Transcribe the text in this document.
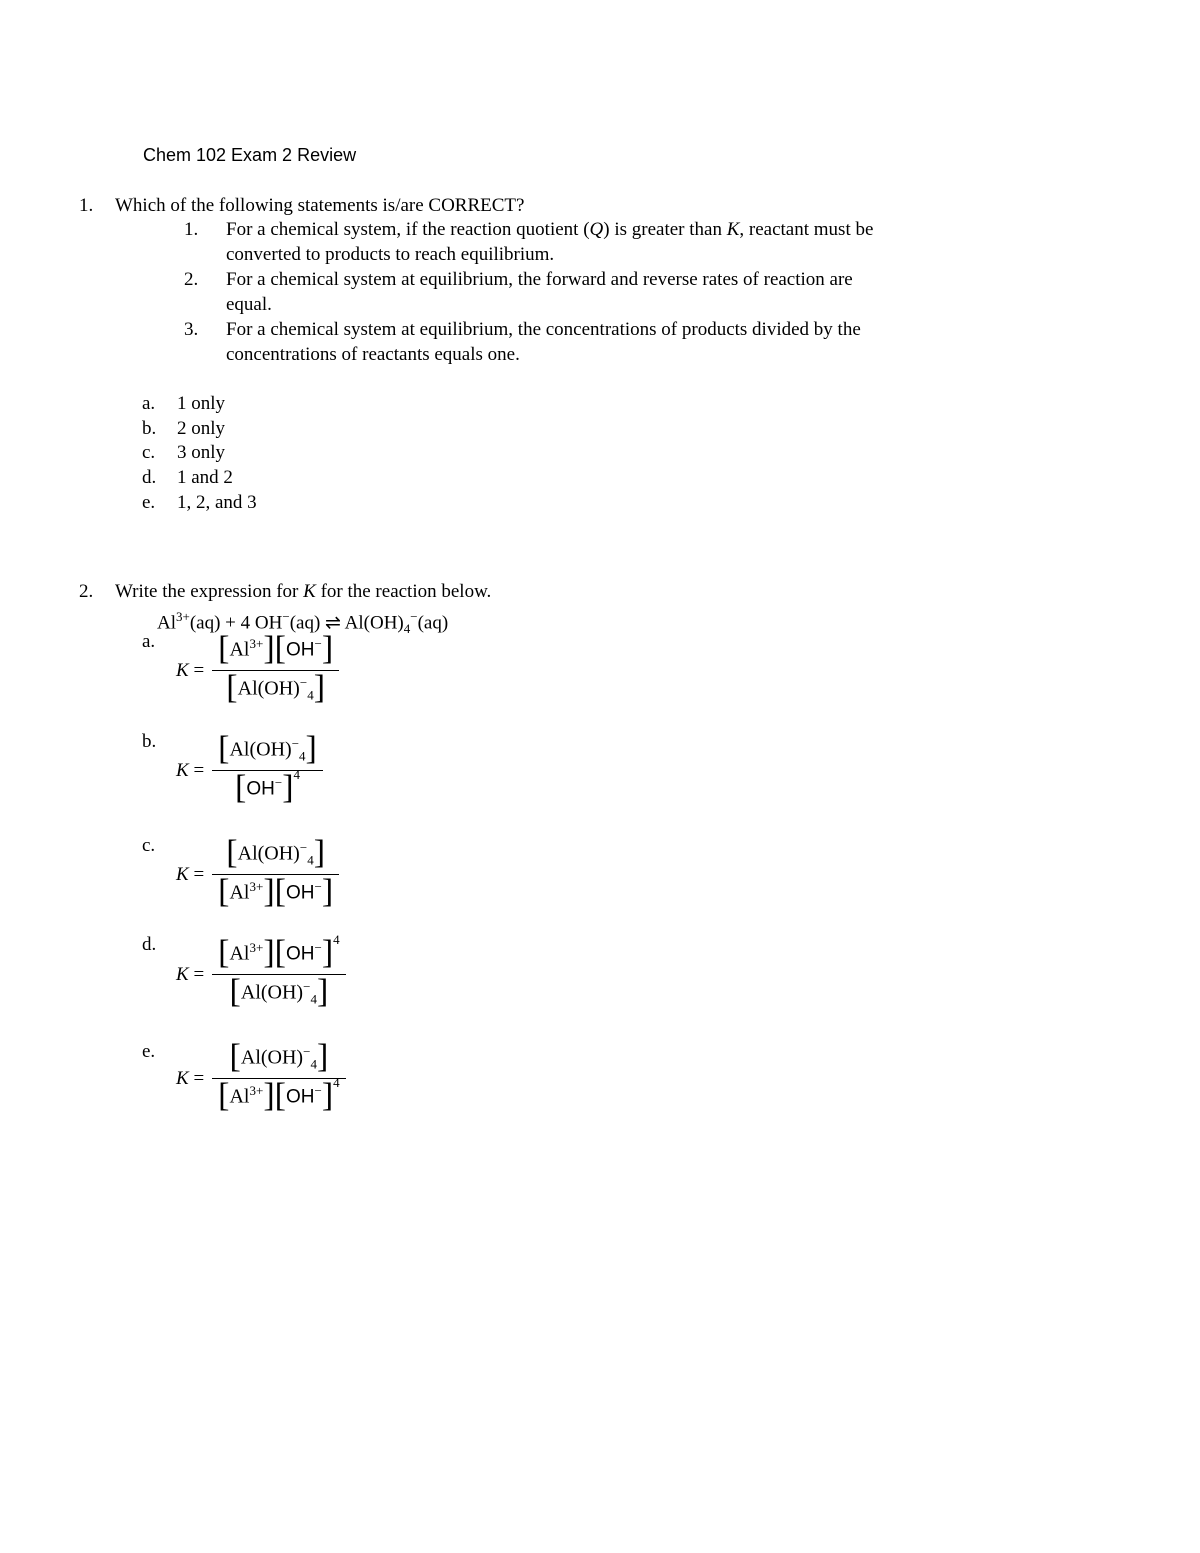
Chem 102 Exam 2 Review
1. Which of the following statements is/are CORRECT?
1. For a chemical system, if the reaction quotient (Q) is greater than K, reactant must be
converted to products to reach equilibrium.
2. For a chemical system at equilibrium, the forward and reverse rates of reaction are
equal.
3. For a chemical system at equilibrium, the concentrations of products divided by the
concentrations of reactants equals one.
a. 1 only
b. 2 only
c. 3 only
d. 1 and 2
e. 1, 2, and 3
2. Write the expression for K for the reaction below.
$Al^{3+}(aq) + 4$ OH−(aq) ⇌ $Al(OH)_4^-(aq)$
a.
K =
$[Al^{3+}][OH^-]$
$[Al(OH)^-_4]$
b.
K =
$[Al(OH)^-_4]$
$[OH^-]^4$
c.
K =
$[Al(OH)^-_4]$
$[Al^{3+}][OH^-]$
d.
K =
$[Al^{3+}][OH^-]^4$
$[Al(OH)^-_4]$
e.
K =
$[Al(OH)^-_4]$
$[Al^{3+}][OH^-]^4$
